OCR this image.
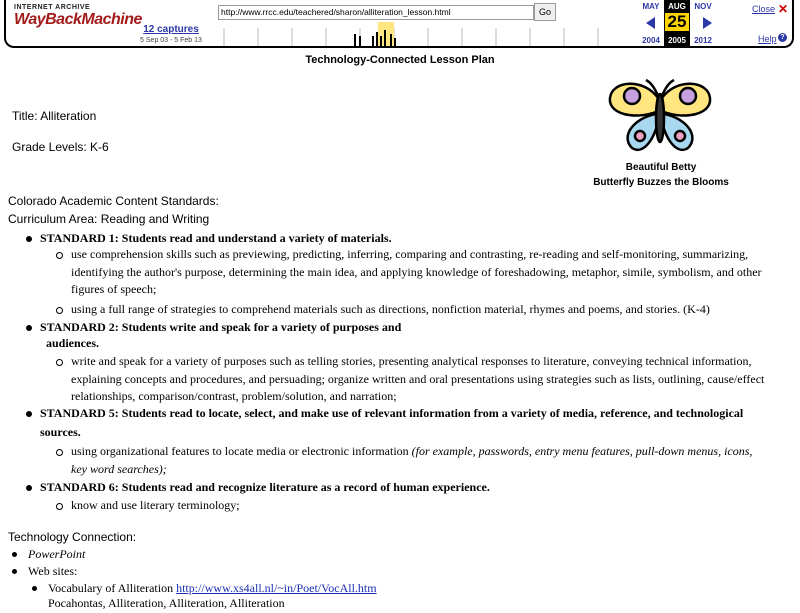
INTERNET ARCHIVE
WayBackMachine	http://www.rrcc.edu/teachered/sharon/alliteration_lesson.html	Go
12 captures
5 Sep 03 - 5 Feb 13
MAY
2004
AUG
25
2005
NOV
2012
Close ✕
Help ?
Technology-Connected Lesson Plan
Title: Alliteration
Grade Levels: K-6
Beautiful Betty
Butterfly Buzzes the Blooms
Colorado Academic Content Standards:
Curriculum Area: Reading and Writing
STANDARD 1: Students read and understand a variety of materials.
use comprehension skills such as previewing, predicting, inferring, comparing and contrasting, re-reading and self-monitoring, summarizing, identifying the author's purpose, determining the main idea, and applying knowledge of foreshadowing, metaphor, simile, symbolism, and other figures of speech;
using a full range of strategies to comprehend materials such as directions, nonfiction material, rhymes and poems, and stories. (K-4)
STANDARD 2: Students write and speak for a variety of purposes and
audiences.
write and speak for a variety of purposes such as telling stories, presenting analytical responses to literature, conveying technical information, explaining concepts and procedures, and persuading; organize written and oral presentations using strategies such as lists, outlining, cause/effect relationships, comparison/contrast, problem/solution, and narration;
STANDARD 5: Students read to locate, select, and make use of relevant information from a variety of media, reference, and technological
sources.
using organizational features to locate media or electronic information (for example, passwords, entry menu features, pull-down menus, icons,
key word searches);
STANDARD 6: Students read and recognize literature as a record of human experience.
know and use literary terminology;
Technology Connection:
PowerPoint
Web sites:
Vocabulary of Alliteration http://www.xs4all.nl/~in/Poet/VocAll.htm
Pocahontas, Alliteration, Alliteration, Alliteration
